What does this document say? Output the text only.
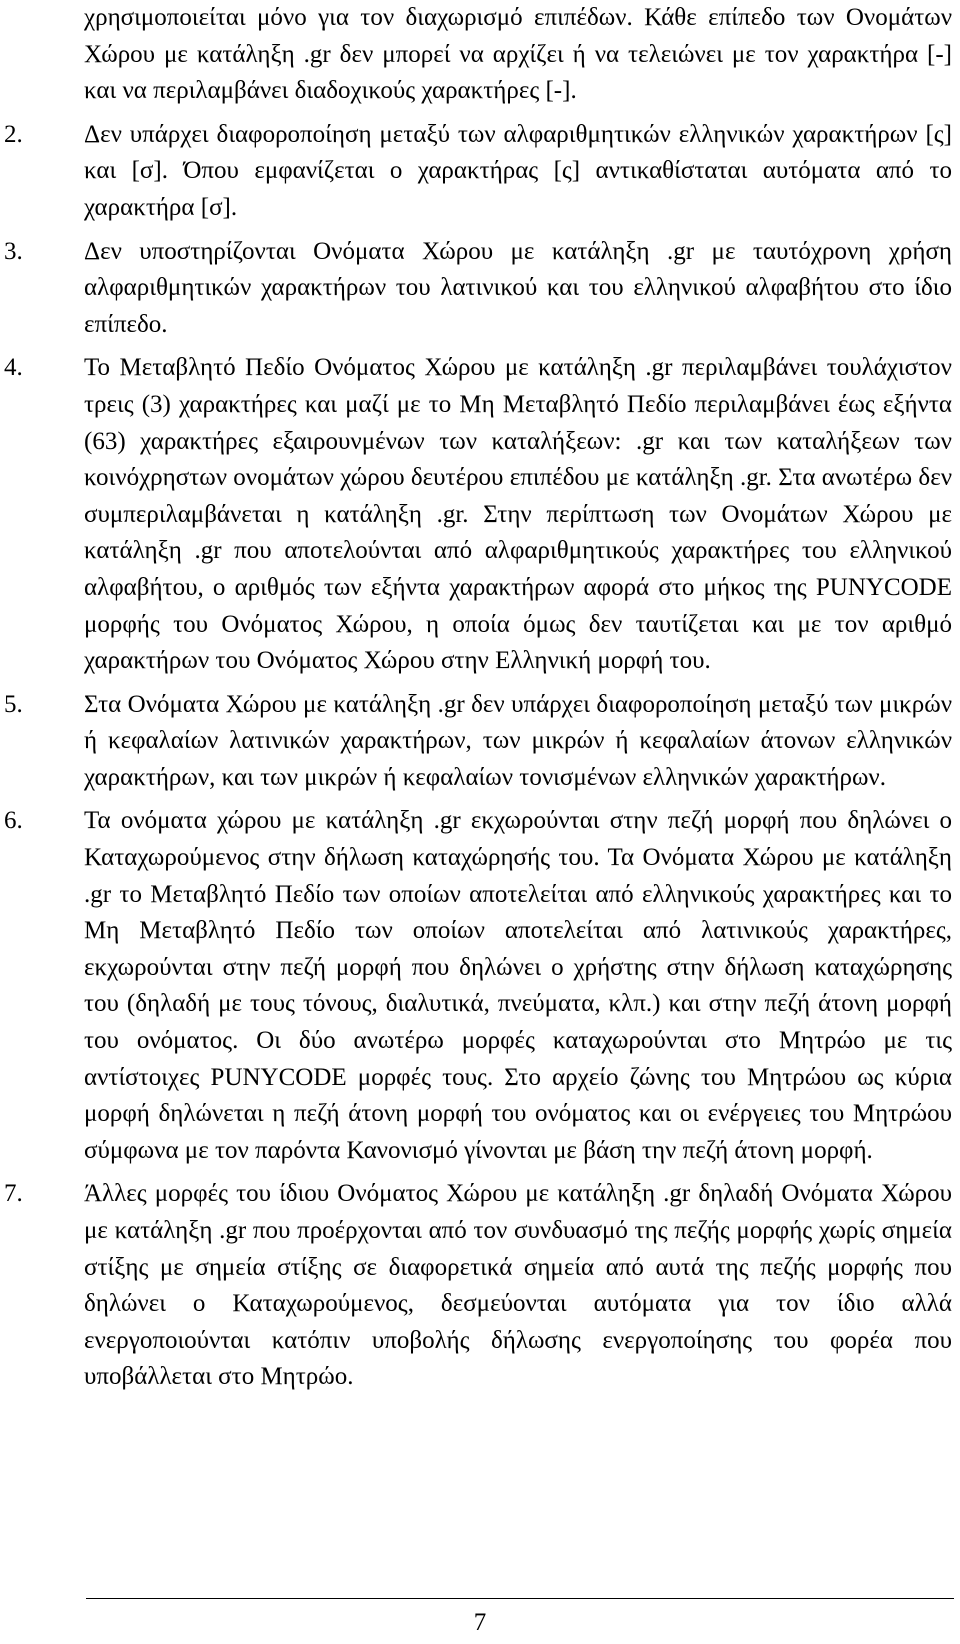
χρησιμοποιείται μόνο για τον διαχωρισμό επιπέδων. Κάθε επίπεδο των Ονομάτων Χώρου με κατάληξη .gr δεν μπορεί να αρχίζει ή να τελειώνει με τον χαρακτήρα [-] και να περιλαμβάνει διαδοχικούς χαρακτήρες [-].

2.	Δεν υπάρχει διαφοροποίηση μεταξύ των αλφαριθμητικών ελληνικών χαρακτήρων [ς] και [σ]. Όπου εμφανίζεται ο χαρακτήρας [ς] αντικαθίσταται αυτόματα από το χαρακτήρα [σ].

3.	Δεν υποστηρίζονται Ονόματα Χώρου με κατάληξη .gr με ταυτόχρονη χρήση αλφαριθμητικών χαρακτήρων του λατινικού και του ελληνικού αλφαβήτου στο ίδιο επίπεδο.

4.	Το Μεταβλητό Πεδίο Ονόματος Χώρου με κατάληξη .gr περιλαμβάνει τουλάχιστον τρεις (3) χαρακτήρες και μαζί με το Μη Μεταβλητό Πεδίο περιλαμβάνει έως εξήντα (63) χαρακτήρες εξαιρουνμένων των καταλήξεων: .gr και των καταλήξεων των κοινόχρηστων ονομάτων χώρου δευτέρου επιπέδου με κατάληξη .gr. Στα ανωτέρω δεν συμπεριλαμβάνεται η κατάληξη .gr. Στην περίπτωση των Ονομάτων Χώρου με κατάληξη .gr που αποτελούνται από αλφαριθμητικούς χαρακτήρες του ελληνικού αλφαβήτου, ο αριθμός των εξήντα χαρακτήρων αφορά στο μήκος της PUNYCODE μορφής του Ονόματος Χώρου, η οποία όμως δεν ταυτίζεται και με τον αριθμό χαρακτήρων του Ονόματος Χώρου στην Ελληνική μορφή του.

5.	Στα Ονόματα Χώρου με κατάληξη .gr δεν υπάρχει διαφοροποίηση μεταξύ των μικρών ή κεφαλαίων λατινικών χαρακτήρων, των μικρών ή κεφαλαίων άτονων ελληνικών χαρακτήρων, και των μικρών ή κεφαλαίων τονισμένων ελληνικών χαρακτήρων.

6.	Τα ονόματα χώρου με κατάληξη .gr εκχωρούνται στην πεζή μορφή που δηλώνει ο Καταχωρούμενος στην δήλωση καταχώρησής του. Τα Ονόματα Χώρου με κατάληξη .gr το Μεταβλητό Πεδίο των οποίων αποτελείται από ελληνικούς χαρακτήρες και το Μη Μεταβλητό Πεδίο των οποίων αποτελείται από λατινικούς χαρακτήρες, εκχωρούνται στην πεζή μορφή που δηλώνει ο χρήστης στην δήλωση καταχώρησης του (δηλαδή με τους τόνους, διαλυτικά, πνεύματα, κλπ.) και στην πεζή άτονη μορφή του ονόματος. Οι δύο ανωτέρω μορφές καταχωρούνται στο Μητρώο με τις αντίστοιχες PUNYCODE μορφές τους. Στο αρχείο ζώνης του Μητρώου ως κύρια μορφή δηλώνεται η πεζή άτονη μορφή του ονόματος και οι ενέργειες του Μητρώου σύμφωνα με τον παρόντα Κανονισμό γίνονται με βάση την πεζή άτονη μορφή.

7.	Άλλες μορφές του ίδιου Ονόματος Χώρου με κατάληξη .gr δηλαδή Ονόματα Χώρου με κατάληξη .gr που προέρχονται από τον συνδυασμό της πεζής μορφής χωρίς σημεία στίξης με σημεία στίξης σε διαφορετικά σημεία από αυτά της πεζής μορφής που δηλώνει ο Καταχωρούμενος, δεσμεύονται αυτόματα για τον ίδιο αλλά ενεργοποιούνται κατόπιν υποβολής δήλωσης ενεργοποίησης του φορέα που υποβάλλεται στο Μητρώο.

7
